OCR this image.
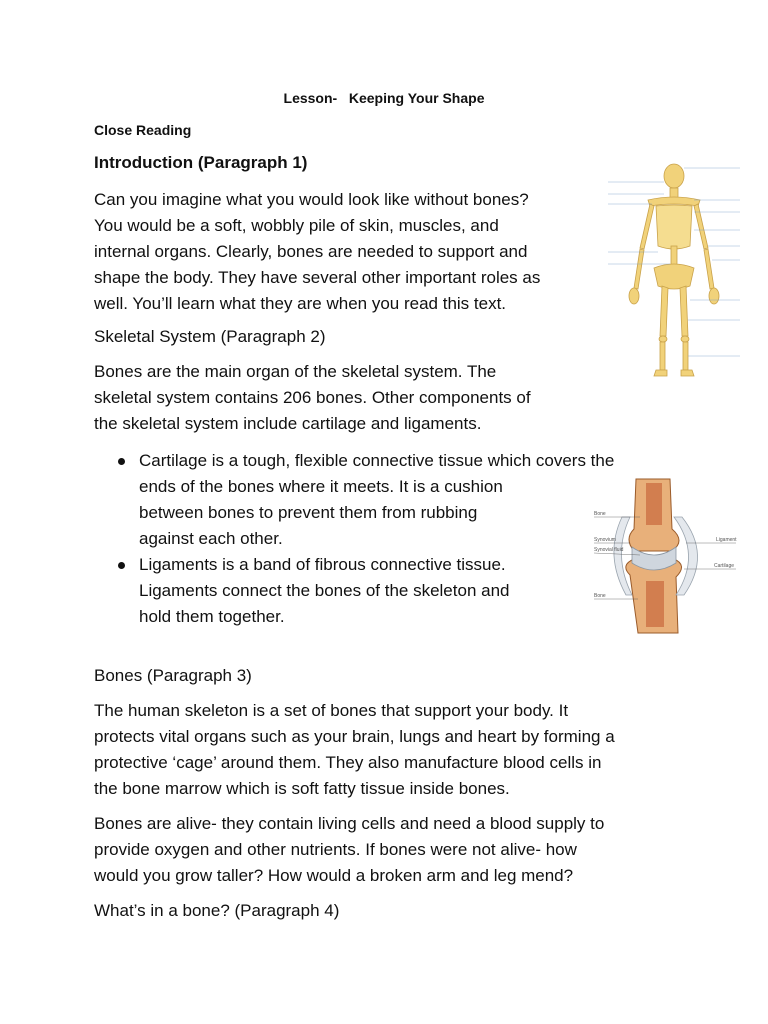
Lesson-   Keeping Your Shape
Close Reading
Introduction (Paragraph 1)
Can you imagine what you would look like without bones?
You would be a soft, wobbly pile of skin, muscles, and
internal organs. Clearly, bones are needed to support and
shape the body. They have several other important roles as
well. You’ll learn what they are when you read this text.
Skeletal System (Paragraph 2)
Bones are the main organ of the skeletal system. The
skeletal system contains 206 bones. Other components of
the skeletal system include cartilage and ligaments.
Cartilage is a tough, flexible connective tissue which covers the
ends of the bones where it meets. It is a cushion
between bones to prevent them from rubbing
against each other.
Ligaments is a band of fibrous connective tissue.
Ligaments connect the bones of the skeleton and
hold them together.
Bones (Paragraph 3)
The human skeleton is a set of bones that support your body. It
protects vital organs such as your brain, lungs and heart by forming a
protective ‘cage’ around them. They also manufacture blood cells in
the bone marrow which is soft fatty tissue inside bones.
Bones are alive- they contain living cells and need a blood supply to
provide oxygen and other nutrients. If bones were not alive- how
would you grow taller? How would a broken arm and leg mend?
What’s in a bone? (Paragraph 4)
Bone
Synovium
Synovial fluid
Bone
Ligament
Cartilage
